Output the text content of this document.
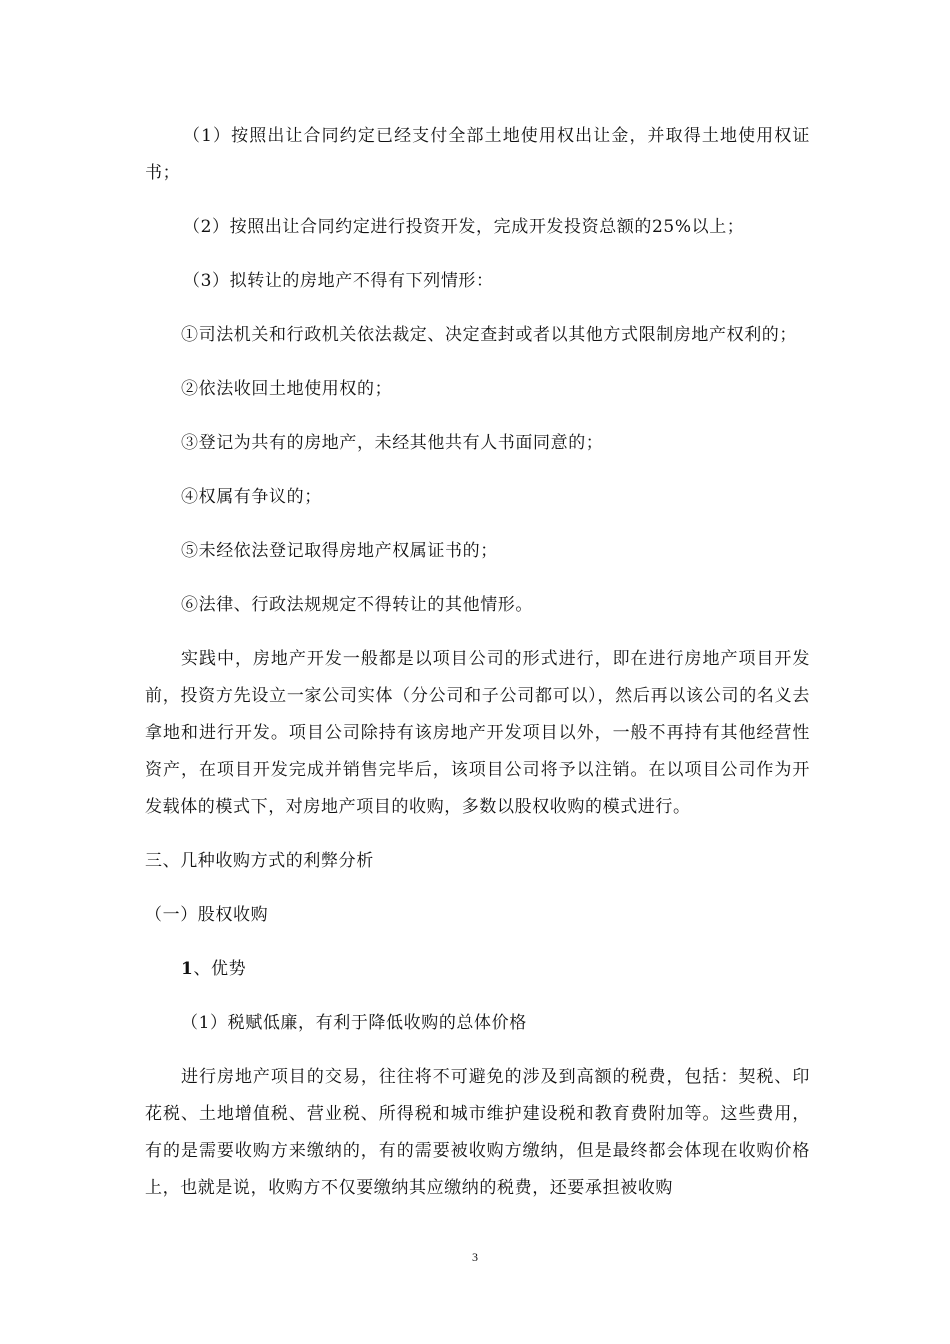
（1）按照出让合同约定已经支付全部土地使用权出让金，并取得土地使用权证书；

（2）按照出让合同约定进行投资开发，完成开发投资总额的25%以上；

（3）拟转让的房地产不得有下列情形：

①司法机关和行政机关依法裁定、决定查封或者以其他方式限制房地产权利的；

②依法收回土地使用权的；

③登记为共有的房地产，未经其他共有人书面同意的；

④权属有争议的；

⑤未经依法登记取得房地产权属证书的；

⑥法律、行政法规规定不得转让的其他情形。

实践中，房地产开发一般都是以项目公司的形式进行，即在进行房地产项目开发前，投资方先设立一家公司实体（分公司和子公司都可以），然后再以该公司的名义去拿地和进行开发。项目公司除持有该房地产开发项目以外，一般不再持有其他经营性资产，在项目开发完成并销售完毕后，该项目公司将予以注销。在以项目公司作为开发载体的模式下，对房地产项目的收购，多数以股权收购的模式进行。

三、几种收购方式的利弊分析

（一）股权收购

1、优势

（1）税赋低廉，有利于降低收购的总体价格

进行房地产项目的交易，往往将不可避免的涉及到高额的税费，包括：契税、印花税、土地增值税、营业税、所得税和城市维护建设税和教育费附加等。这些费用，有的是需要收购方来缴纳的，有的需要被收购方缴纳，但是最终都会体现在收购价格上，也就是说，收购方不仅要缴纳其应缴纳的税费，还要承担被收购

3
